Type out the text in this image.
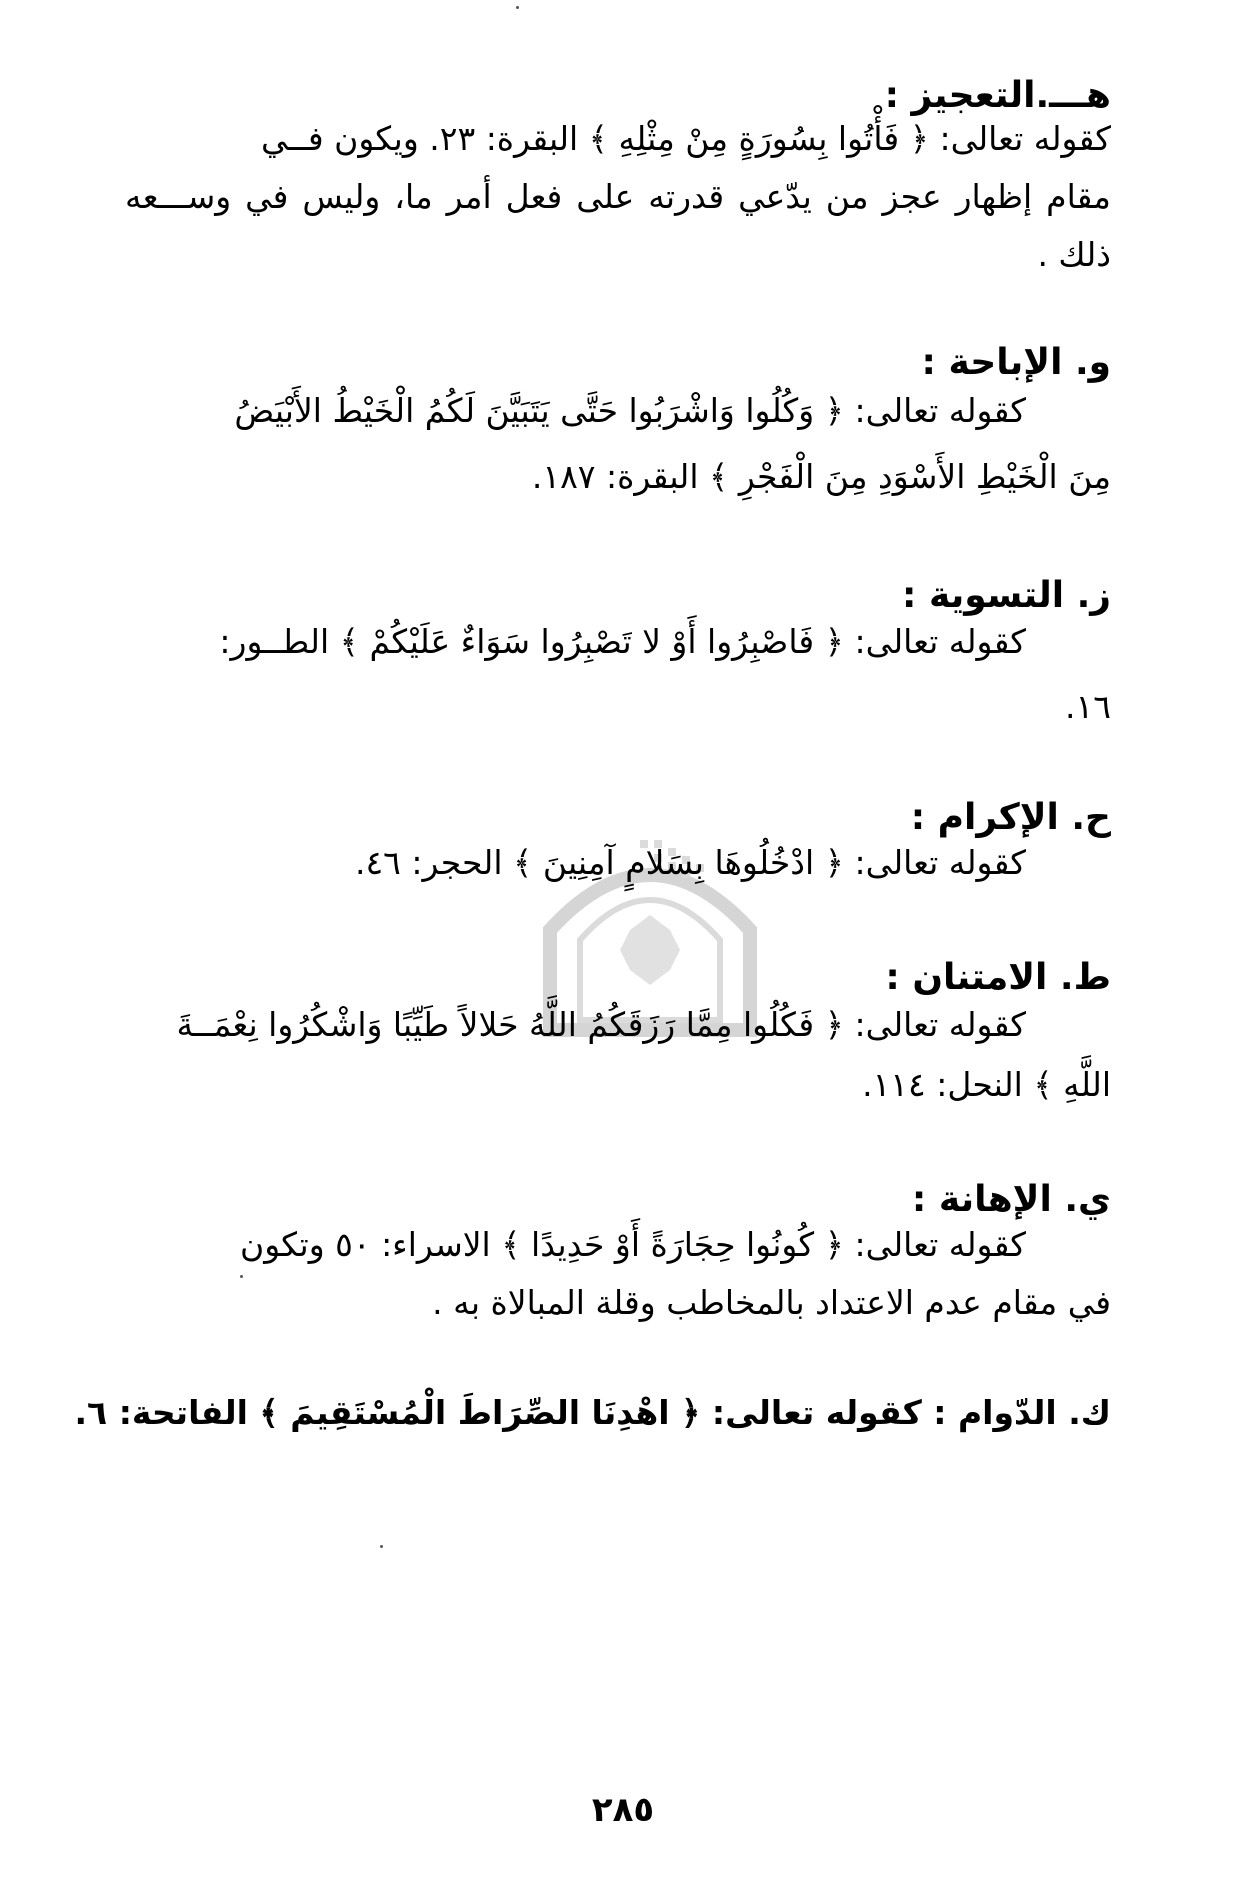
هـــ.التعجيز :
كقوله تعالى: ﴿ فَأْتُوا بِسُورَةٍ مِنْ مِثْلِهِ ﴾ البقرة: ٢٣. ويكون فــي
مقام إظهار عجز من يدّعي قدرته على فعل أمر ما، وليس في وســـعه
ذلك .
و. الإباحة :
كقوله تعالى: ﴿ وَكُلُوا وَاشْرَبُوا حَتَّى يَتَبَيَّنَ لَكُمُ الْخَيْطُ الأَبْيَضُ
مِنَ الْخَيْطِ الأَسْوَدِ مِنَ الْفَجْرِ ﴾ البقرة: ١٨٧.
ز. التسوية :
كقوله تعالى: ﴿ فَاصْبِرُوا أَوْ لا تَصْبِرُوا سَوَاءٌ عَلَيْكُمْ ﴾ الطــور:
١٦.
ح. الإكرام :
كقوله تعالى: ﴿ ادْخُلُوهَا بِسَلامٍ آمِنِينَ ﴾ الحجر: ٤٦.
ط. الامتنان :
كقوله تعالى: ﴿ فَكُلُوا مِمَّا رَزَقَكُمُ اللَّهُ حَلالاً طَيِّبًا وَاشْكُرُوا نِعْمَــةَ
اللَّهِ ﴾ النحل: ١١٤.
ي. الإهانة :
كقوله تعالى: ﴿ كُونُوا حِجَارَةً أَوْ حَدِيدًا ﴾ الاسراء: ٥٠ وتكون
في مقام عدم الاعتداد بالمخاطب وقلة المبالاة به .
ك. الدّوام : كقوله تعالى: ﴿ اهْدِنَا الصِّرَاطَ الْمُسْتَقِيمَ ﴾ الفاتحة: ٦.
٢٨٥
